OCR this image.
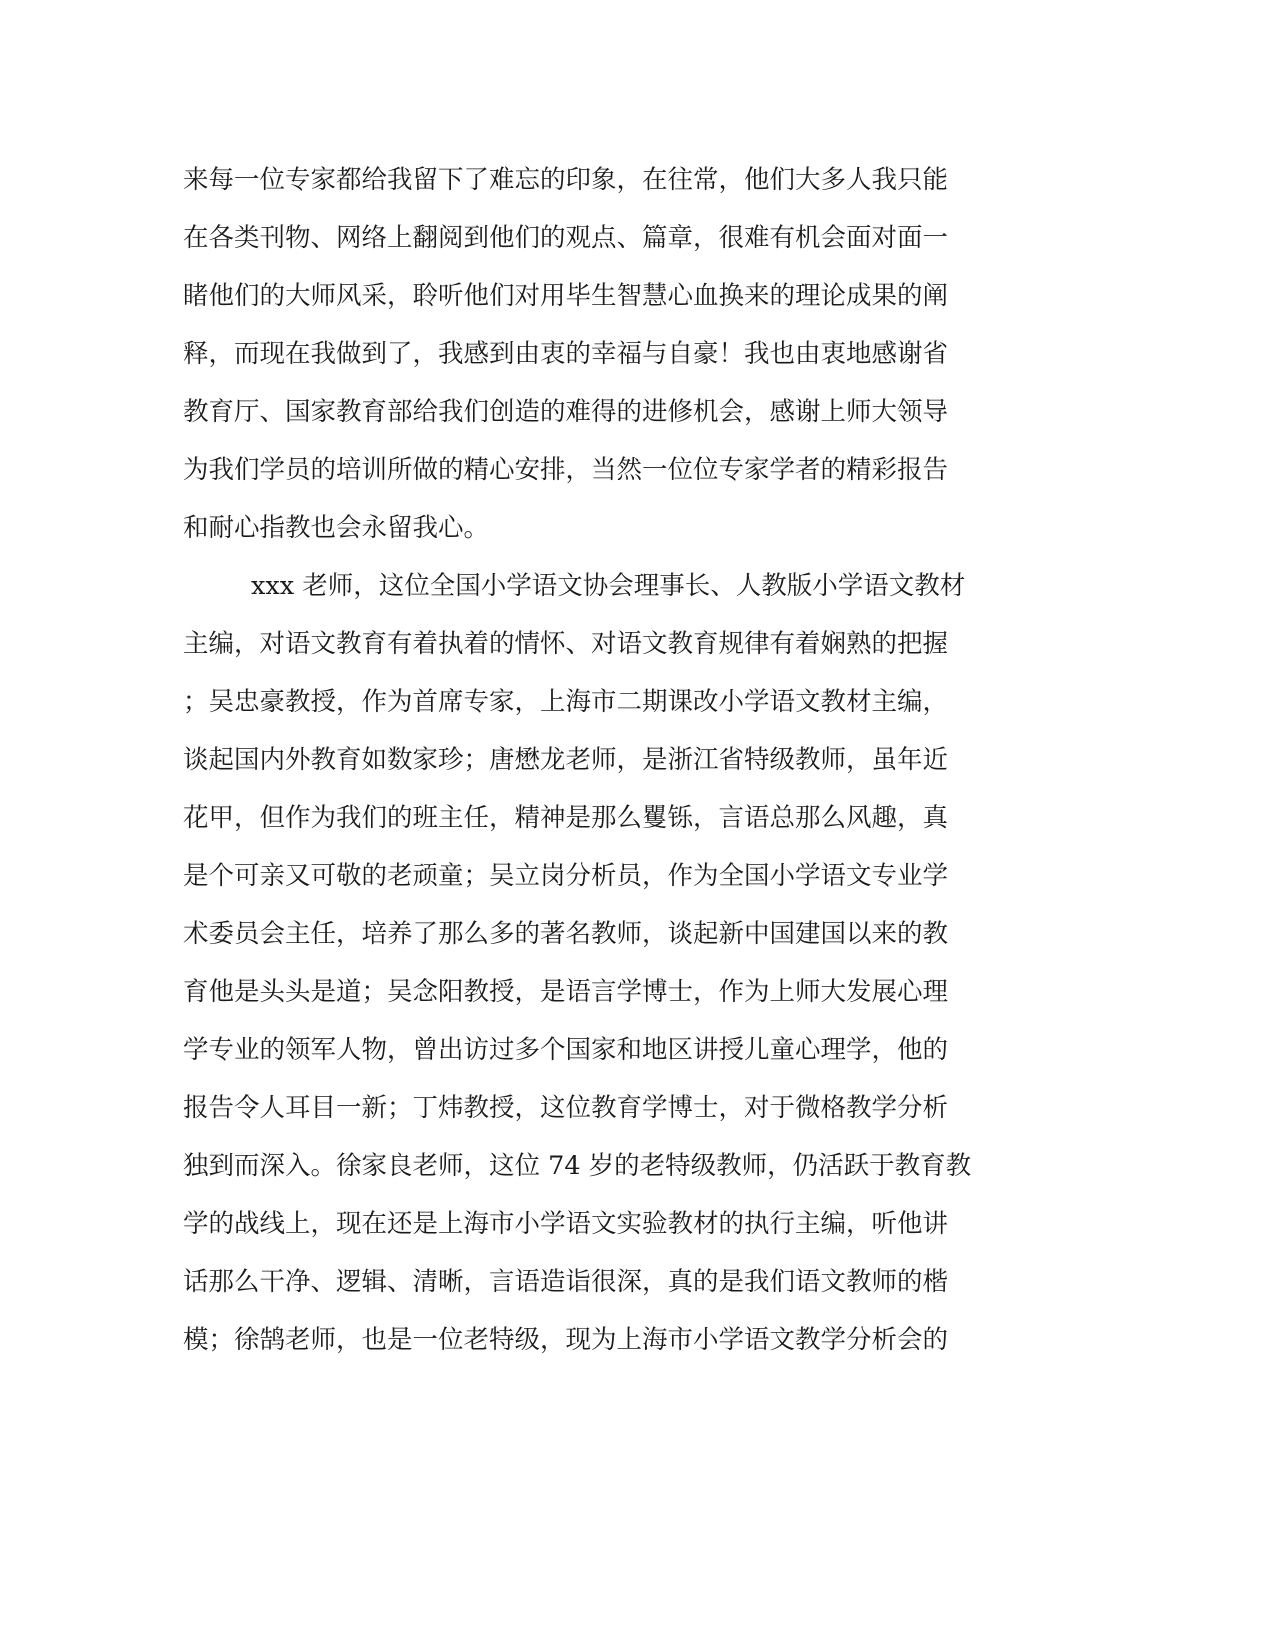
来每一位专家都给我留下了难忘的印象，在往常，他们大多人我只能
在各类刊物、网络上翻阅到他们的观点、篇章，很难有机会面对面一
睹他们的大师风采，聆听他们对用毕生智慧心血换来的理论成果的阐
释，而现在我做到了，我感到由衷的幸福与自豪！我也由衷地感谢省
教育厅、国家教育部给我们创造的难得的进修机会，感谢上师大领导
为我们学员的培训所做的精心安排，当然一位位专家学者的精彩报告
和耐心指教也会永留我心。
xxx 老师，这位全国小学语文协会理事长、人教版小学语文教材
主编，对语文教育有着执着的情怀、对语文教育规律有着娴熟的把握
；吴忠豪教授，作为首席专家，上海市二期课改小学语文教材主编，
谈起国内外教育如数家珍；唐懋龙老师，是浙江省特级教师，虽年近
花甲，但作为我们的班主任，精神是那么矍铄，言语总那么风趣，真
是个可亲又可敬的老顽童；吴立岗分析员，作为全国小学语文专业学
术委员会主任，培养了那么多的著名教师，谈起新中国建国以来的教
育他是头头是道；吴念阳教授，是语言学博士，作为上师大发展心理
学专业的领军人物，曾出访过多个国家和地区讲授儿童心理学，他的
报告令人耳目一新；丁炜教授，这位教育学博士，对于微格教学分析
独到而深入。徐家良老师，这位 74 岁的老特级教师，仍活跃于教育教
学的战线上，现在还是上海市小学语文实验教材的执行主编，听他讲
话那么干净、逻辑、清晰，言语造诣很深，真的是我们语文教师的楷
模；徐鹄老师，也是一位老特级，现为上海市小学语文教学分析会的
